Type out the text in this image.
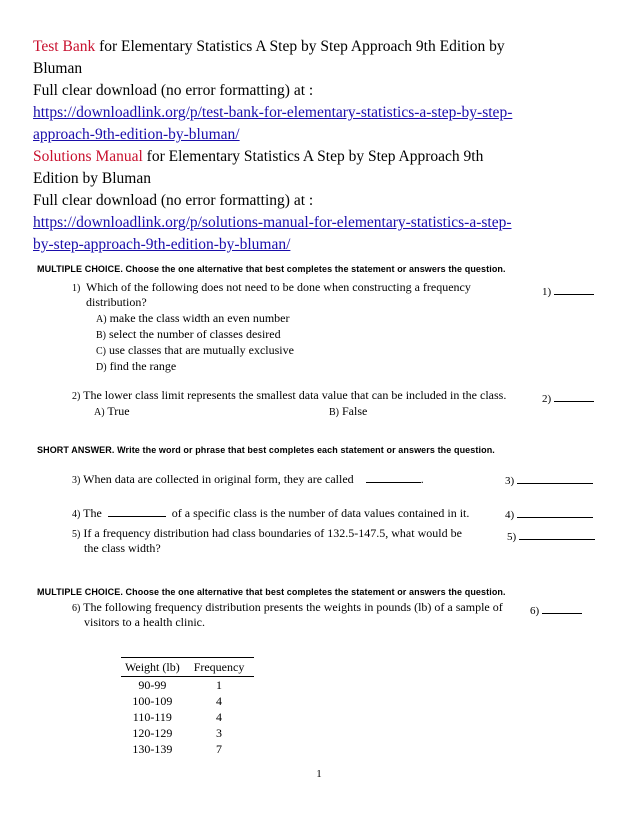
Test Bank for Elementary Statistics A Step by Step Approach 9th Edition by
Bluman
Full clear download (no error formatting) at :
https://downloadlink.org/p/test-bank-for-elementary-statistics-a-step-by-step-
approach-9th-edition-by-bluman/
Solutions Manual for Elementary Statistics A Step by Step Approach 9th
Edition by Bluman
Full clear download (no error formatting) at :
https://downloadlink.org/p/solutions-manual-for-elementary-statistics-a-step-
by-step-approach-9th-edition-by-bluman/
MULTIPLE CHOICE. Choose the one alternative that best completes the statement or answers the question.
1) Which of the following does not need to be done when constructing a frequency
distribution?
A) make the class width an even number
B) select the number of classes desired
C) use classes that are mutually exclusive
D) find the range
1)
2) The lower class limit represents the smallest data value that can be included in the class.
A) True	B) False
2)
SHORT ANSWER. Write the word or phrase that best completes each statement or answers the question.
3) When data are collected in original form, they are called	.	3)
4) The	of a specific class is the number of data values contained in it.	4)
5) If a frequency distribution had class boundaries of 132.5-147.5, what would be
the class width?
5)
MULTIPLE CHOICE. Choose the one alternative that best completes the statement or answers the question.
6) The following frequency distribution presents the weights in pounds (lb) of a sample of
visitors to a health clinic.
6)
Weight (lb)	Frequency
90-99	1
100-109	4
110-119	4
120-129	3
130-139	7
1
